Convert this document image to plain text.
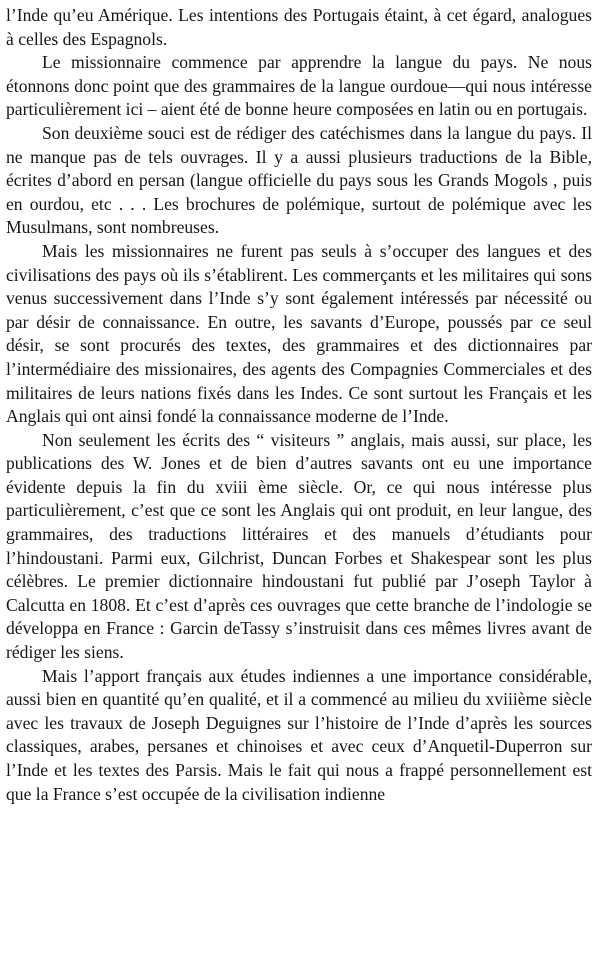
l’Inde qu’eu Amérique. Les intentions des Portugais étaint, à cet égard, analogues à celles des Espagnols.

Le missionnaire commence par apprendre la langue du pays. Ne nous étonnons donc point que des grammaires de la langue ourdoue—qui nous intéresse particulièrement ici – aient été de bonne heure composées en latin ou en portugais.

Son deuxième souci est de rédiger des catéchismes dans la langue du pays. Il ne manque pas de tels ouvrages. Il y a aussi plusieurs traductions de la Bible, écrites d’abord en persan (langue officielle du pays sous les Grands Mogols , puis en ourdou, etc . . . Les brochures de polémique, surtout de polémique avec les Musulmans, sont nombreuses.

Mais les missionnaires ne furent pas seuls à s’occuper des langues et des civilisations des pays où ils s’établirent. Les commerçants et les militaires qui sons venus successivement dans l’Inde s’y sont également intéressés par nécessité ou par désir de connaissance. En outre, les savants d’Europe, poussés par ce seul désir, se sont procurés des textes, des grammaires et des dictionnaires par l’intermédiaire des missionaires, des agents des Compagnies Commerciales et des militaires de leurs nations fixés dans les Indes. Ce sont surtout les Français et les Anglais qui ont ainsi fondé la connaissance moderne de l’Inde.

Non seulement les écrits des “ visiteurs ” anglais, mais aussi, sur place, les publications des W. Jones et de bien d’autres savants ont eu une importance évidente depuis la fin du xviii ème siècle. Or, ce qui nous intéresse plus particulièrement, c’est que ce sont les Anglais qui ont produit, en leur langue, des grammaires, des traductions littéraires et des manuels d’étudiants pour l’hindoustani. Parmi eux, Gilchrist, Duncan Forbes et Shakespear sont les plus célèbres. Le premier dictionnaire hindoustani fut publié par J’oseph Taylor à Calcutta en 1808. Et c’est d’après ces ouvrages que cette branche de l’indologie se développa en France : Garcin deTassy s’instruisit dans ces mêmes livres avant de rédiger les siens.

Mais l’apport français aux études indiennes a une importance considérable, aussi bien en quantité qu’en qualité, et il a commencé au milieu du xviiième siècle avec les travaux de Joseph Deguignes sur l’histoire de l’Inde d’après les sources classiques, arabes, persanes et chinoises et avec ceux d’Anquetil-Duperron sur l’Inde et les textes des Parsis. Mais le fait qui nous a frappé personnellement est que la France s’est occupée de la civilisation indienne
